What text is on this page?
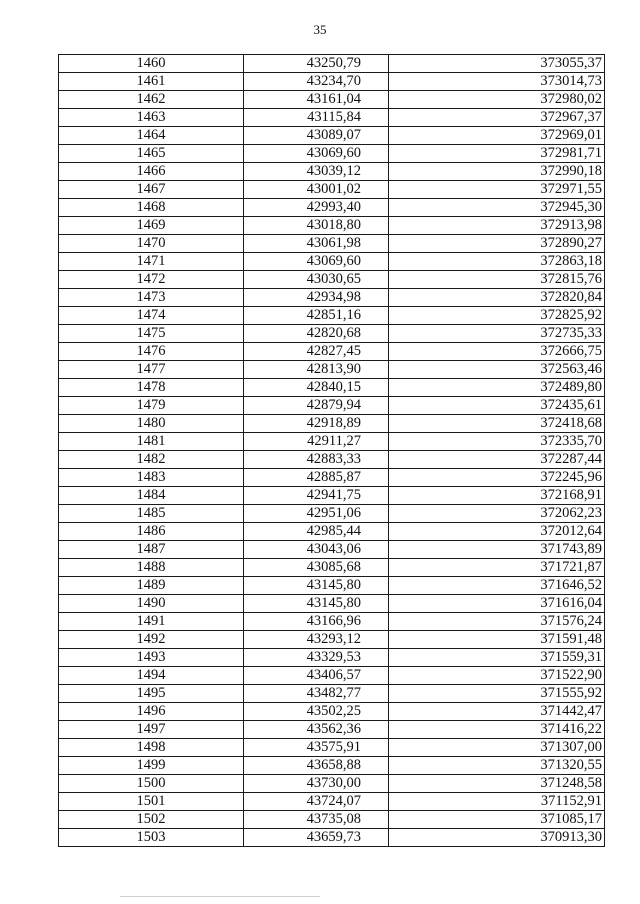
35
1460	43250,79	373055,37
1461	43234,70	373014,73
1462	43161,04	372980,02
1463	43115,84	372967,37
1464	43089,07	372969,01
1465	43069,60	372981,71
1466	43039,12	372990,18
1467	43001,02	372971,55
1468	42993,40	372945,30
1469	43018,80	372913,98
1470	43061,98	372890,27
1471	43069,60	372863,18
1472	43030,65	372815,76
1473	42934,98	372820,84
1474	42851,16	372825,92
1475	42820,68	372735,33
1476	42827,45	372666,75
1477	42813,90	372563,46
1478	42840,15	372489,80
1479	42879,94	372435,61
1480	42918,89	372418,68
1481	42911,27	372335,70
1482	42883,33	372287,44
1483	42885,87	372245,96
1484	42941,75	372168,91
1485	42951,06	372062,23
1486	42985,44	372012,64
1487	43043,06	371743,89
1488	43085,68	371721,87
1489	43145,80	371646,52
1490	43145,80	371616,04
1491	43166,96	371576,24
1492	43293,12	371591,48
1493	43329,53	371559,31
1494	43406,57	371522,90
1495	43482,77	371555,92
1496	43502,25	371442,47
1497	43562,36	371416,22
1498	43575,91	371307,00
1499	43658,88	371320,55
1500	43730,00	371248,58
1501	43724,07	371152,91
1502	43735,08	371085,17
1503	43659,73	370913,30
